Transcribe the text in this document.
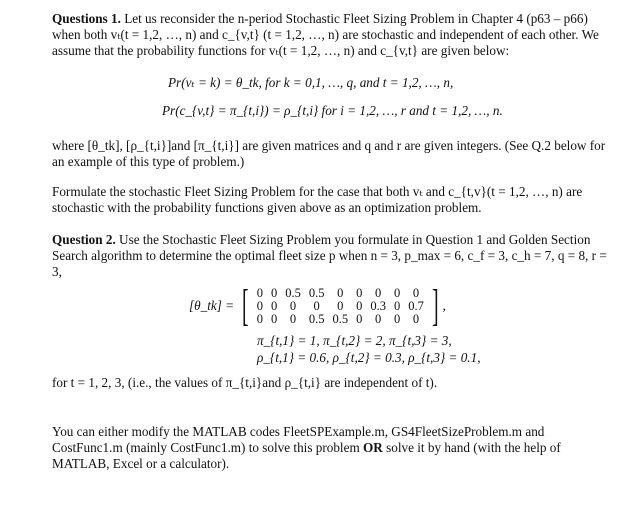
Questions 1. Let us reconsider the n-period Stochastic Fleet Sizing Problem in Chapter 4 (p63 – p66) when both vₜ(t = 1,2, …, n) and c_{v,t} (t = 1,2, …, n) are stochastic and independent of each other. We assume that the probability functions for vₜ(t = 1,2, …, n) and c_{v,t} are given below:

Pr(vₜ = k) = θ_tk, for k = 0,1, …, q, and t = 1,2, …, n,
Pr(c_{v,t} = π_{t,i}) = ρ_{t,i} for i = 1,2, …, r and t = 1,2, …, n.

where [θ_tk], [ρ_{t,i}]and [π_{t,i}] are given matrices and q and r are given integers. (See Q.2 below for an example of this type of problem.)

Formulate the stochastic Fleet Sizing Problem for the case that both vₜ and c_{t,v}(t = 1,2, …, n) are stochastic with the probability functions given above as an optimization problem.

Question 2. Use the Stochastic Fleet Sizing Problem you formulate in Question 1 and Golden Section Search algorithm to determine the optimal fleet size p when n = 3, p_max = 6, c_f = 3, c_h = 7, q = 8, r = 3,

[θ_tk] = [ 0	0	0.5	0.5	0	0	0	0	0
0	0	0	0	0	0	0.3	0	0.7
0	0	0	0.5	0.5	0	0	0	0 ] ,
π_{t,1} = 1, π_{t,2} = 2, π_{t,3} = 3,
ρ_{t,1} = 0.6, ρ_{t,2} = 0.3, ρ_{t,3} = 0.1,

for t = 1, 2, 3, (i.e., the values of π_{t,i}and ρ_{t,i} are independent of t).

You can either modify the MATLAB codes FleetSPExample.m, GS4FleetSizeProblem.m and CostFunc1.m (mainly CostFunc1.m) to solve this problem OR solve it by hand (with the help of MATLAB, Excel or a calculator).
